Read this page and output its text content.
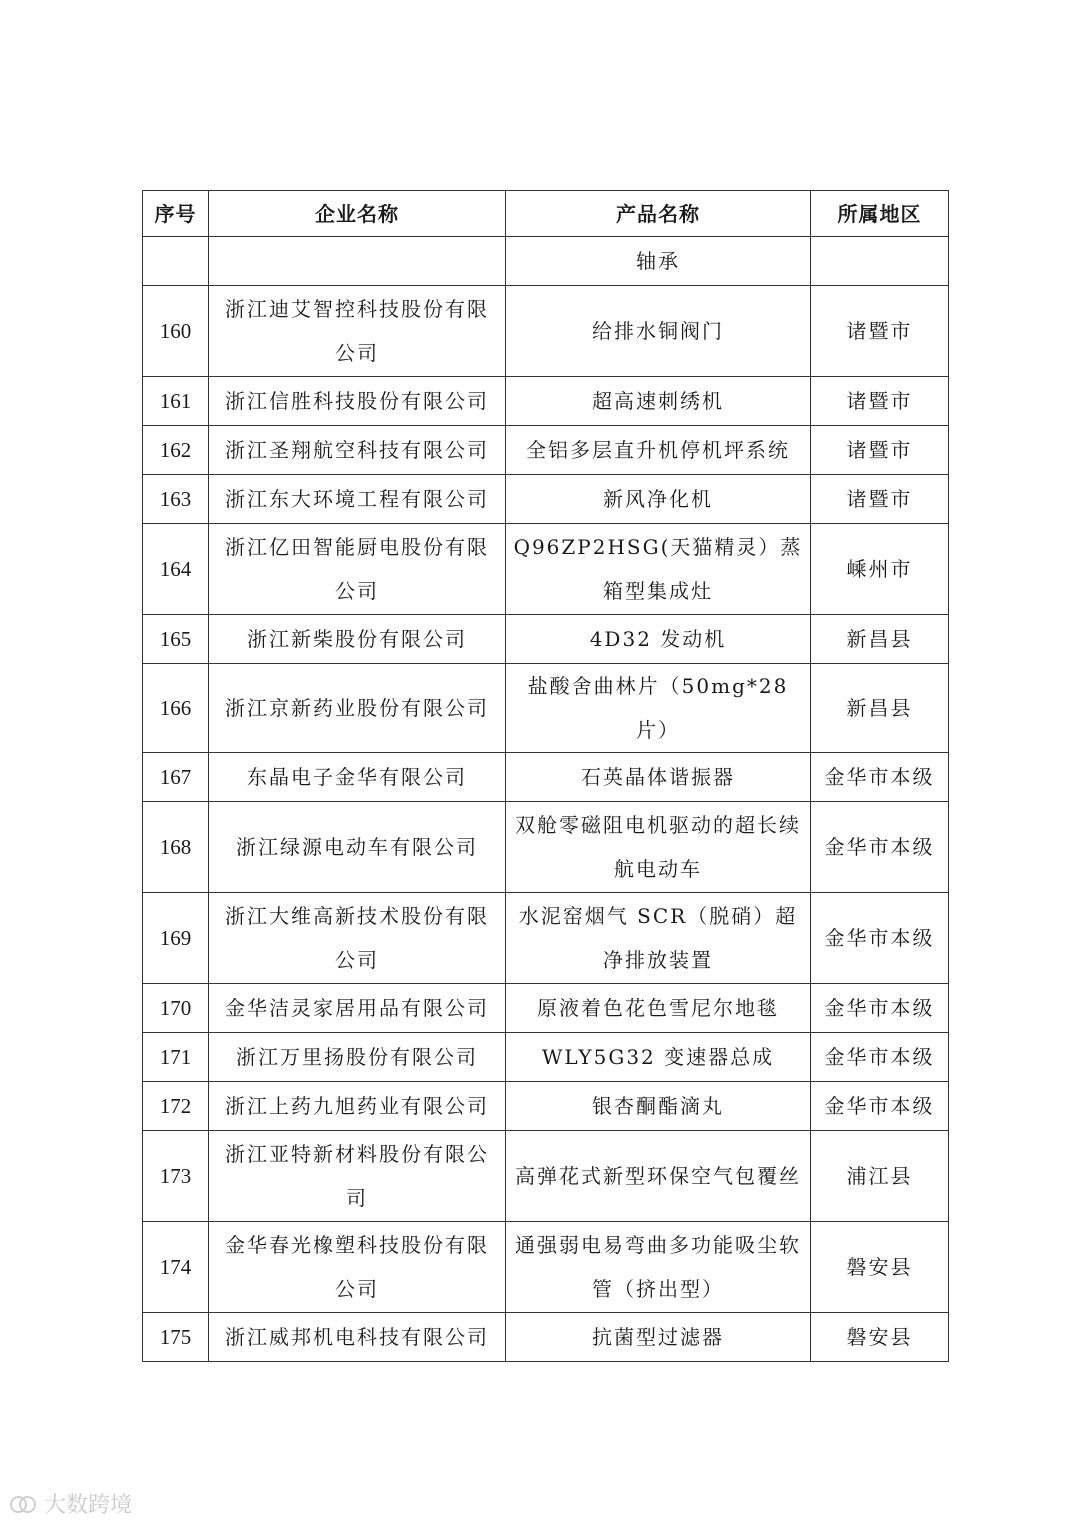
序号	企业名称	产品名称	所属地区
		轴承	
160	浙江迪艾智控科技股份有限公司	给排水铜阀门	诸暨市
161	浙江信胜科技股份有限公司	超高速刺绣机	诸暨市
162	浙江圣翔航空科技有限公司	全铝多层直升机停机坪系统	诸暨市
163	浙江东大环境工程有限公司	新风净化机	诸暨市
164	浙江亿田智能厨电股份有限公司	Q96ZP2HSG(天猫精灵）蒸箱型集成灶	嵊州市
165	浙江新柴股份有限公司	4D32 发动机	新昌县
166	浙江京新药业股份有限公司	盐酸舍曲林片（50mg*28 片）	新昌县
167	东晶电子金华有限公司	石英晶体谐振器	金华市本级
168	浙江绿源电动车有限公司	双舱零磁阻电机驱动的超长续航电动车	金华市本级
169	浙江大维高新技术股份有限公司	水泥窑烟气 SCR（脱硝）超净排放装置	金华市本级
170	金华洁灵家居用品有限公司	原液着色花色雪尼尔地毯	金华市本级
171	浙江万里扬股份有限公司	WLY5G32 变速器总成	金华市本级
172	浙江上药九旭药业有限公司	银杏酮酯滴丸	金华市本级
173	浙江亚特新材料股份有限公司	高弹花式新型环保空气包覆丝	浦江县
174	金华春光橡塑科技股份有限公司	通强弱电易弯曲多功能吸尘软管（挤出型）	磐安县
175	浙江威邦机电科技有限公司	抗菌型过滤器	磐安县
大数跨境
